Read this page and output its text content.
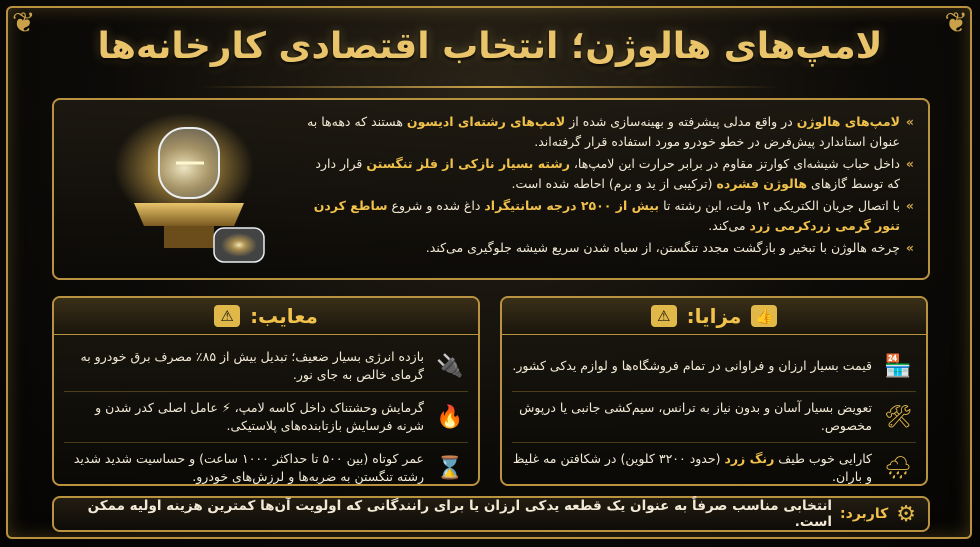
❦	❦
لامپ‌های هالوژن؛ انتخاب اقتصادی کارخانه‌ها
»
لامپ‌های هالوژن در واقع مدلی پیشرفته و بهینه‌سازی شده از لامپ‌های رشته‌ای ادیسون هستند که دهه‌ها به عنوان استاندارد پیش‌فرض در خطو خودرو مورد استفاده قرار گرفته‌اند.
»
داخل حباب شیشه‌ای کوارتز مقاوم در برابر حرارت این لامپ‌ها، رشته بسیار نازکی از فلز تنگستن قرار دارد که توسط گازهای هالوژن فشرده (ترکیبی از ید و برم) احاطه شده است.
»
با اتصال جریان الکتریکی ۱۲ ولت، این رشته تا بیش از ۲۵۰۰ درجه سانتیگراد داغ شده و شروع ساطع کردن تنور گرمی زردکرمی زرد می‌کند.
»
چرخه هالوژن با تبخیر و بازگشت مجدد تنگستن، از سیاه شدن سریع شیشه جلوگیری می‌کند.
معایب:
⚠
🔌
بازده انرژی بسیار ضعیف؛ تبدیل بیش از ۸۵٪ مصرف برق خودرو به گرمای خالص به جای نور.
🔥
گرمایش وحشتناک داخل کاسه لامپ، ⚡ عامل اصلی کدر شدن و شرنه فرسایش بازتابنده‌های پلاستیکی.
⌛
عمر کوتاه (بین ۵۰۰ تا حداکثر ۱۰۰۰ ساعت) و حساسیت شدید شدید رشته تنگستن به ضربه‌ها و لرزش‌های خودرو.
👍
مزایا:
⚠
🏪
قیمت بسیار ارزان و فراوانی در تمام فروشگاه‌ها و لوازم یدکی کشور.
🛠
تعویض بسیار آسان و بدون نیاز به ترانس، سیم‌کشی جانبی یا درپوش مخصوص.
🌧
کارایی خوب طیف رنگ زرد (حدود ۳۲۰۰ کلوین) در شکافتن مه غلیظ و باران.
⚙
کاربرد:
انتخابی مناسب صرفاً به عنوان یک قطعه یدکی ارزان یا برای رانندگانی که اولویت آن‌ها کمترین هزینه اولیه ممکن است.
